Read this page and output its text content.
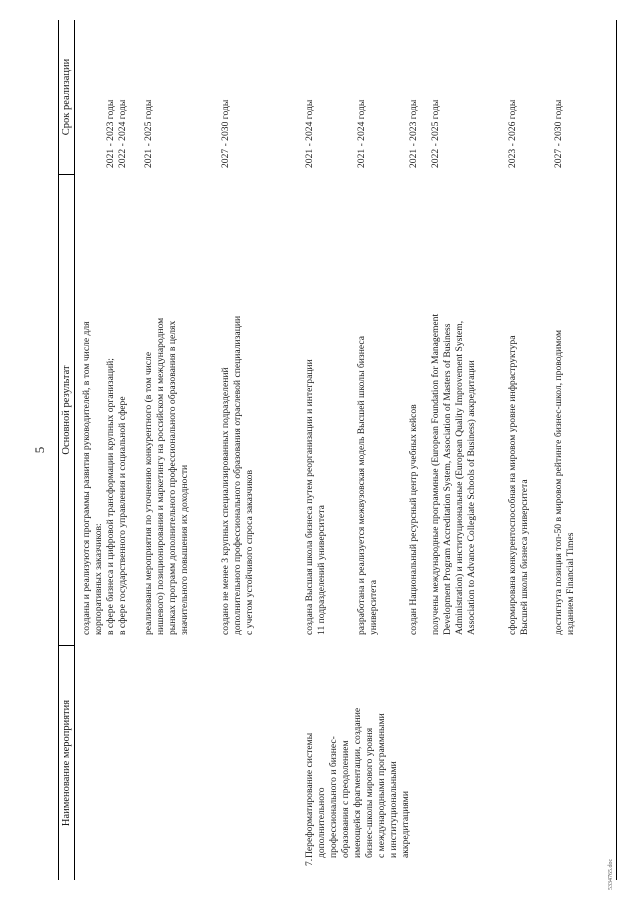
5
Наименование мероприятия
Основной результат
Срок реализации
7.
Переформатирование системы дополнительного профессионального и бизнес- образования с преодолением имеющейся фрагментации, создание бизнес-школы мирового уровня с международными программными и институциональными аккредитациями
созданы и реализуются программы развития руководителей, в том числе для корпоративных заказчиков: в сфере бизнеса и цифровой трансформации крупных организаций; в сфере государственного управления и социальной сфере
2021 - 2023 годы 2022 - 2024 годы
реализованы мероприятия по уточнению конкурентного (в том числе нишевого) позиционирования и маркетингу на российском и международном рынках программ дополнительного профессионального образования в целях значительного повышения их доходности
2021 - 2025 годы
создано не менее 3 крупных специализированных подразделений дополнительного профессионального образования отраслевой специализации с учетом устойчивого спроса заказчиков
2027 - 2030 годы
создана Высшая школа бизнеса путем реорганизации и интеграции 11 подразделений университета
2021 - 2024 годы
разработана и реализуется межвузовская модель Высшей школы бизнеса университета
2021 - 2024 годы
создан Национальный ресурсный центр учебных кейсов
2021 - 2023 годы
получены международные программные (European Foundation for Management Development Program Accreditation System, Association of Masters of Business Administration) и институциональные (European Quality Improvement System, Association to Advance Collegiate Schools of Business) аккредитации
2022 - 2025 годы
сформирована конкурентоспособная на мировом уровне инфраструктура Высшей школы бизнеса университета
2023 - 2026 годы
достигнута позиция топ-50 в мировом рейтинге бизнес-школ, проводимом изданием Financial Times
2027 - 2030 годы
5334765.doc
